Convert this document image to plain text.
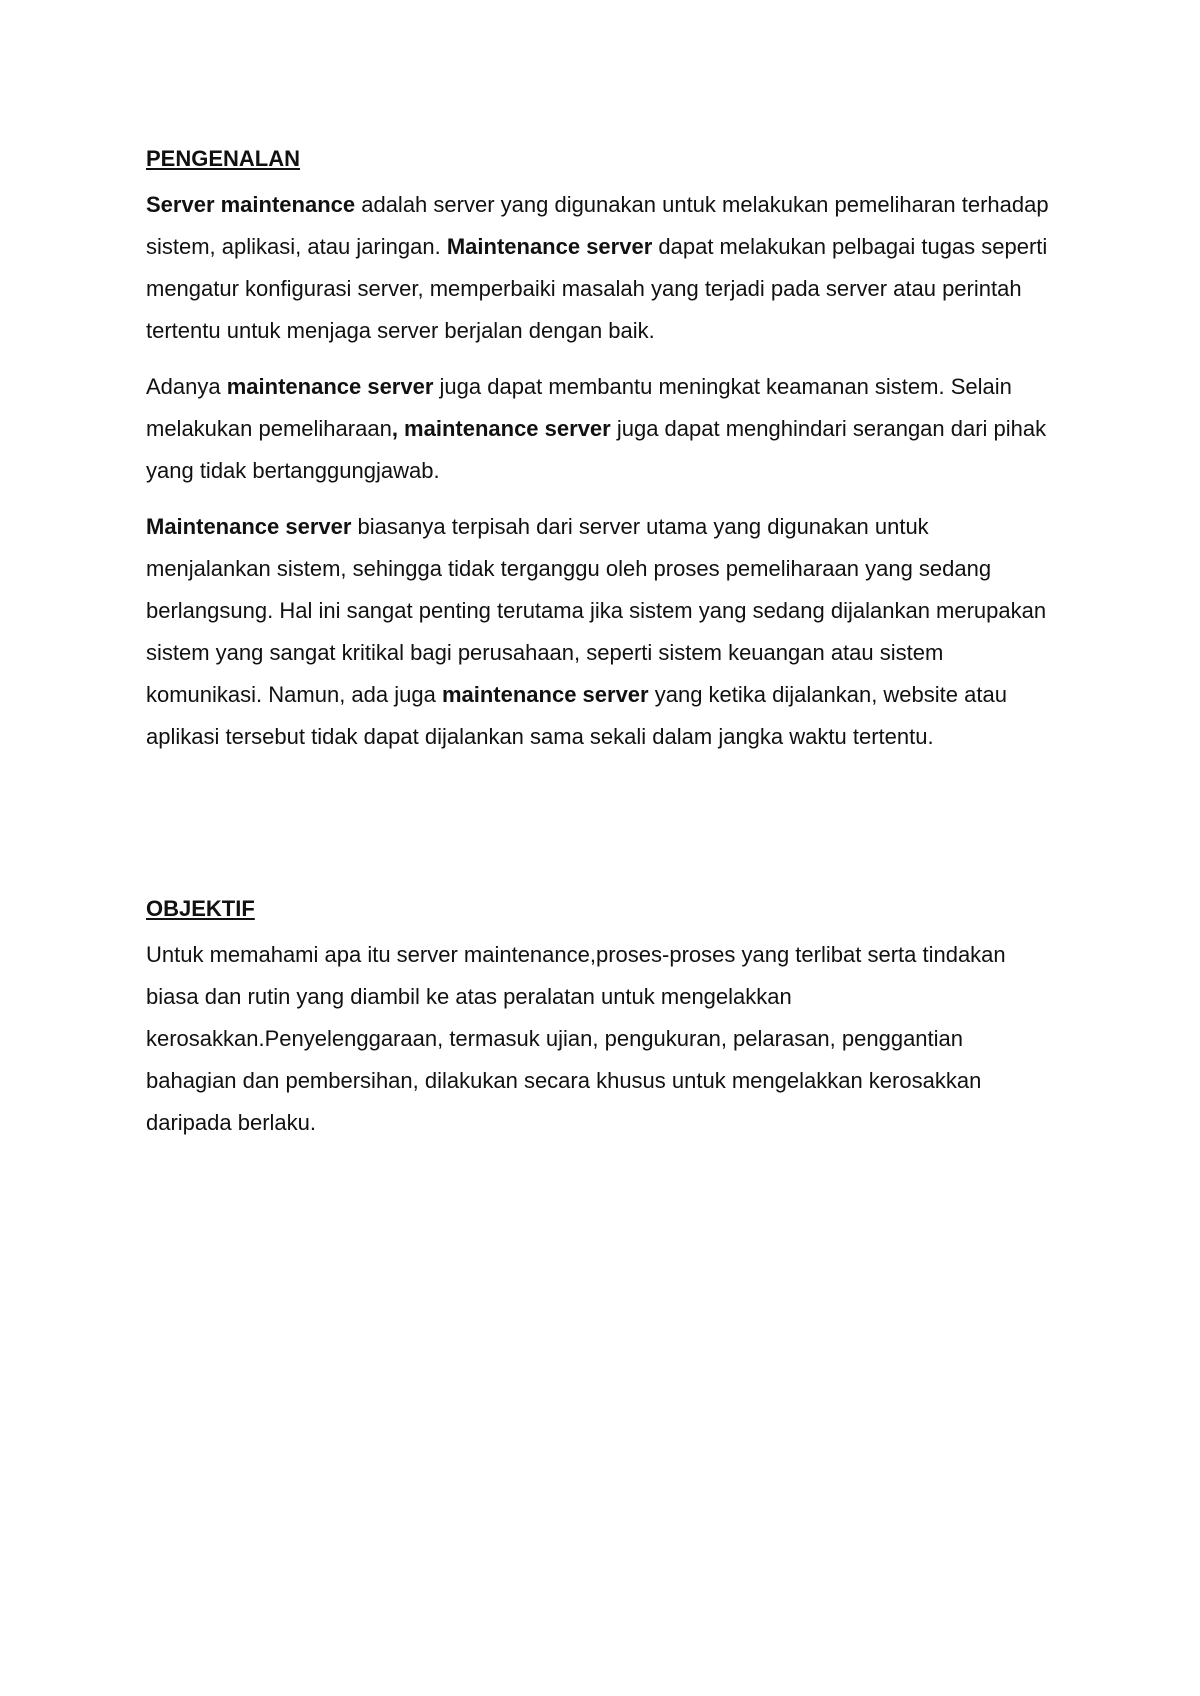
PENGENALAN

Server maintenance adalah server yang digunakan untuk melakukan pemeliharan terhadap sistem, aplikasi, atau jaringan. Maintenance server dapat melakukan pelbagai tugas seperti mengatur konfigurasi server, memperbaiki masalah yang terjadi pada server atau perintah tertentu untuk menjaga server berjalan dengan baik.

Adanya maintenance server juga dapat membantu meningkat keamanan sistem. Selain melakukan pemeliharaan, maintenance server juga dapat menghindari serangan dari pihak yang tidak bertanggungjawab.

Maintenance server biasanya terpisah dari server utama yang digunakan untuk menjalankan sistem, sehingga tidak terganggu oleh proses pemeliharaan yang sedang berlangsung. Hal ini sangat penting terutama jika sistem yang sedang dijalankan merupakan sistem yang sangat kritikal bagi perusahaan, seperti sistem keuangan atau sistem komunikasi. Namun, ada juga maintenance server yang ketika dijalankan, website atau aplikasi tersebut tidak dapat dijalankan sama sekali dalam jangka waktu tertentu.

OBJEKTIF

Untuk memahami apa itu server maintenance,proses-proses yang terlibat serta tindakan biasa dan rutin yang diambil ke atas peralatan untuk mengelakkan kerosakkan.Penyelenggaraan, termasuk ujian, pengukuran, pelarasan, penggantian bahagian dan pembersihan, dilakukan secara khusus untuk mengelakkan kerosakkan daripada berlaku.
